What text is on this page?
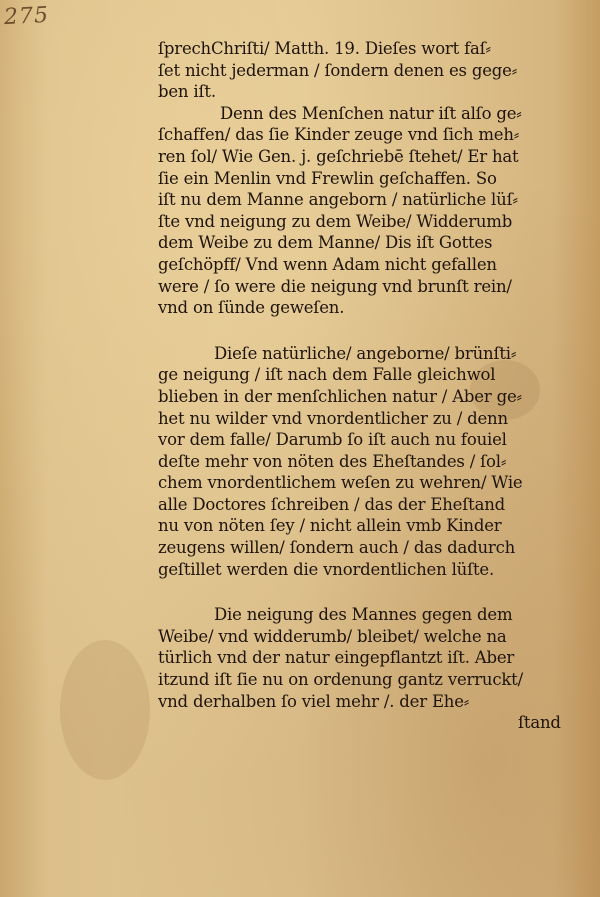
275
ſprechChriſti/ Matth. 19. Dieſes wort faſ⸗
ſet nicht jederman / ſondern denen es gege⸗
ben iſt.
Denn des Menſchen natur iſt alſo ge⸗
ſchaffen/ das ſie Kinder zeuge vnd ſich meh⸗
ren ſol/ Wie Gen. j. geſchriebē ſtehet/ Er hat
ſie ein Menlin vnd Frewlin geſchaffen. So
iſt nu dem Manne angeborn / natürliche lüſ⸗
ſte vnd neigung zu dem Weibe/ Widderumb
dem Weibe zu dem Manne/ Dis iſt Gottes
geſchöpff/ Vnd wenn Adam nicht gefallen
were / ſo were die neigung vnd brunſt rein/
vnd on ſünde geweſen.
Dieſe natürliche/ angeborne/ brünſti⸗
ge neigung / iſt nach dem Falle gleichwol
blieben in der menſchlichen natur / Aber ge⸗
het nu wilder vnd vnordentlicher zu / denn
vor dem falle/ Darumb ſo iſt auch nu fouiel
deſte mehr von nöten des Eheſtandes / ſol⸗
chem vnordentlichem weſen zu wehren/ Wie
alle Doctores ſchreiben / das der Eheſtand
nu von nöten ſey / nicht allein vmb Kinder
zeugens willen/ ſondern auch / das dadurch
geſtillet werden die vnordentlichen lüſte.
Die neigung des Mannes gegen dem
Weibe/ vnd widderumb/ bleibet/ welche na
türlich vnd der natur eingepflantzt iſt. Aber
itzund iſt ſie nu on ordenung gantz verruckt/
vnd derhalben ſo viel mehr /. der Ehe⸗
ſtand
